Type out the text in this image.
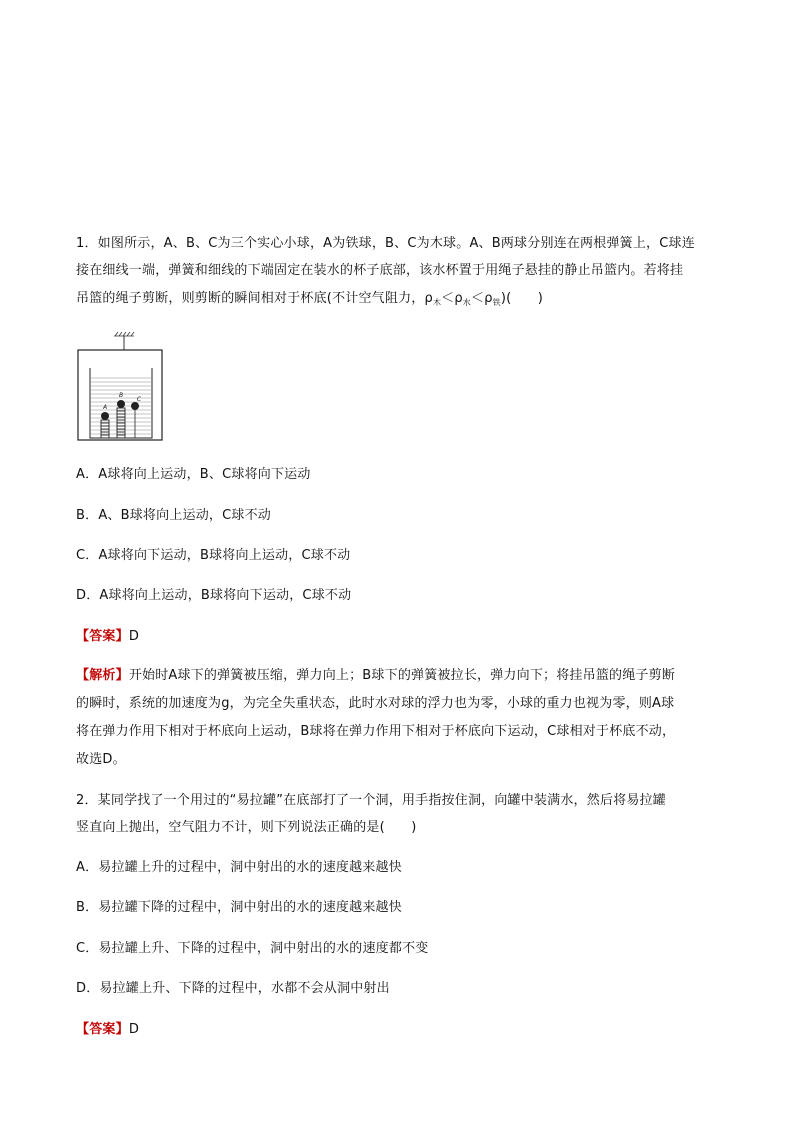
1．如图所示，A、B、C为三个实心小球，A为铁球，B、C为木球。A、B两球分别连在两根弹簧上，C球连
接在细线一端，弹簧和细线的下端固定在装水的杯子底部，该水杯置于用绳子悬挂的静止吊篮内。若将挂
吊篮的绳子剪断，则剪断的瞬间相对于杯底(不计空气阻力，$\rho_木<\rho_水<\rho_铁$)(　　)
A
B
C
A．A球将向上运动，B、C球将向下运动
B．A、B球将向上运动，C球不动
C．A球将向下运动，B球将向上运动，C球不动
D．A球将向上运动，B球将向下运动，C球不动
【答案】D
【解析】开始时A球下的弹簧被压缩，弹力向上；B球下的弹簧被拉长，弹力向下；将挂吊篮的绳子剪断
的瞬时，系统的加速度为g，为完全失重状态，此时水对球的浮力也为零，小球的重力也视为零，则A球
将在弹力作用下相对于杯底向上运动，B球将在弹力作用下相对于杯底向下运动，C球相对于杯底不动，
故选D。
2．某同学找了一个用过的“易拉罐”在底部打了一个洞，用手指按住洞，向罐中装满水，然后将易拉罐
竖直向上抛出，空气阻力不计，则下列说法正确的是(　　)
A．易拉罐上升的过程中，洞中射出的水的速度越来越快
B．易拉罐下降的过程中，洞中射出的水的速度越来越快
C．易拉罐上升、下降的过程中，洞中射出的水的速度都不变
D．易拉罐上升、下降的过程中，水都不会从洞中射出
【答案】D
